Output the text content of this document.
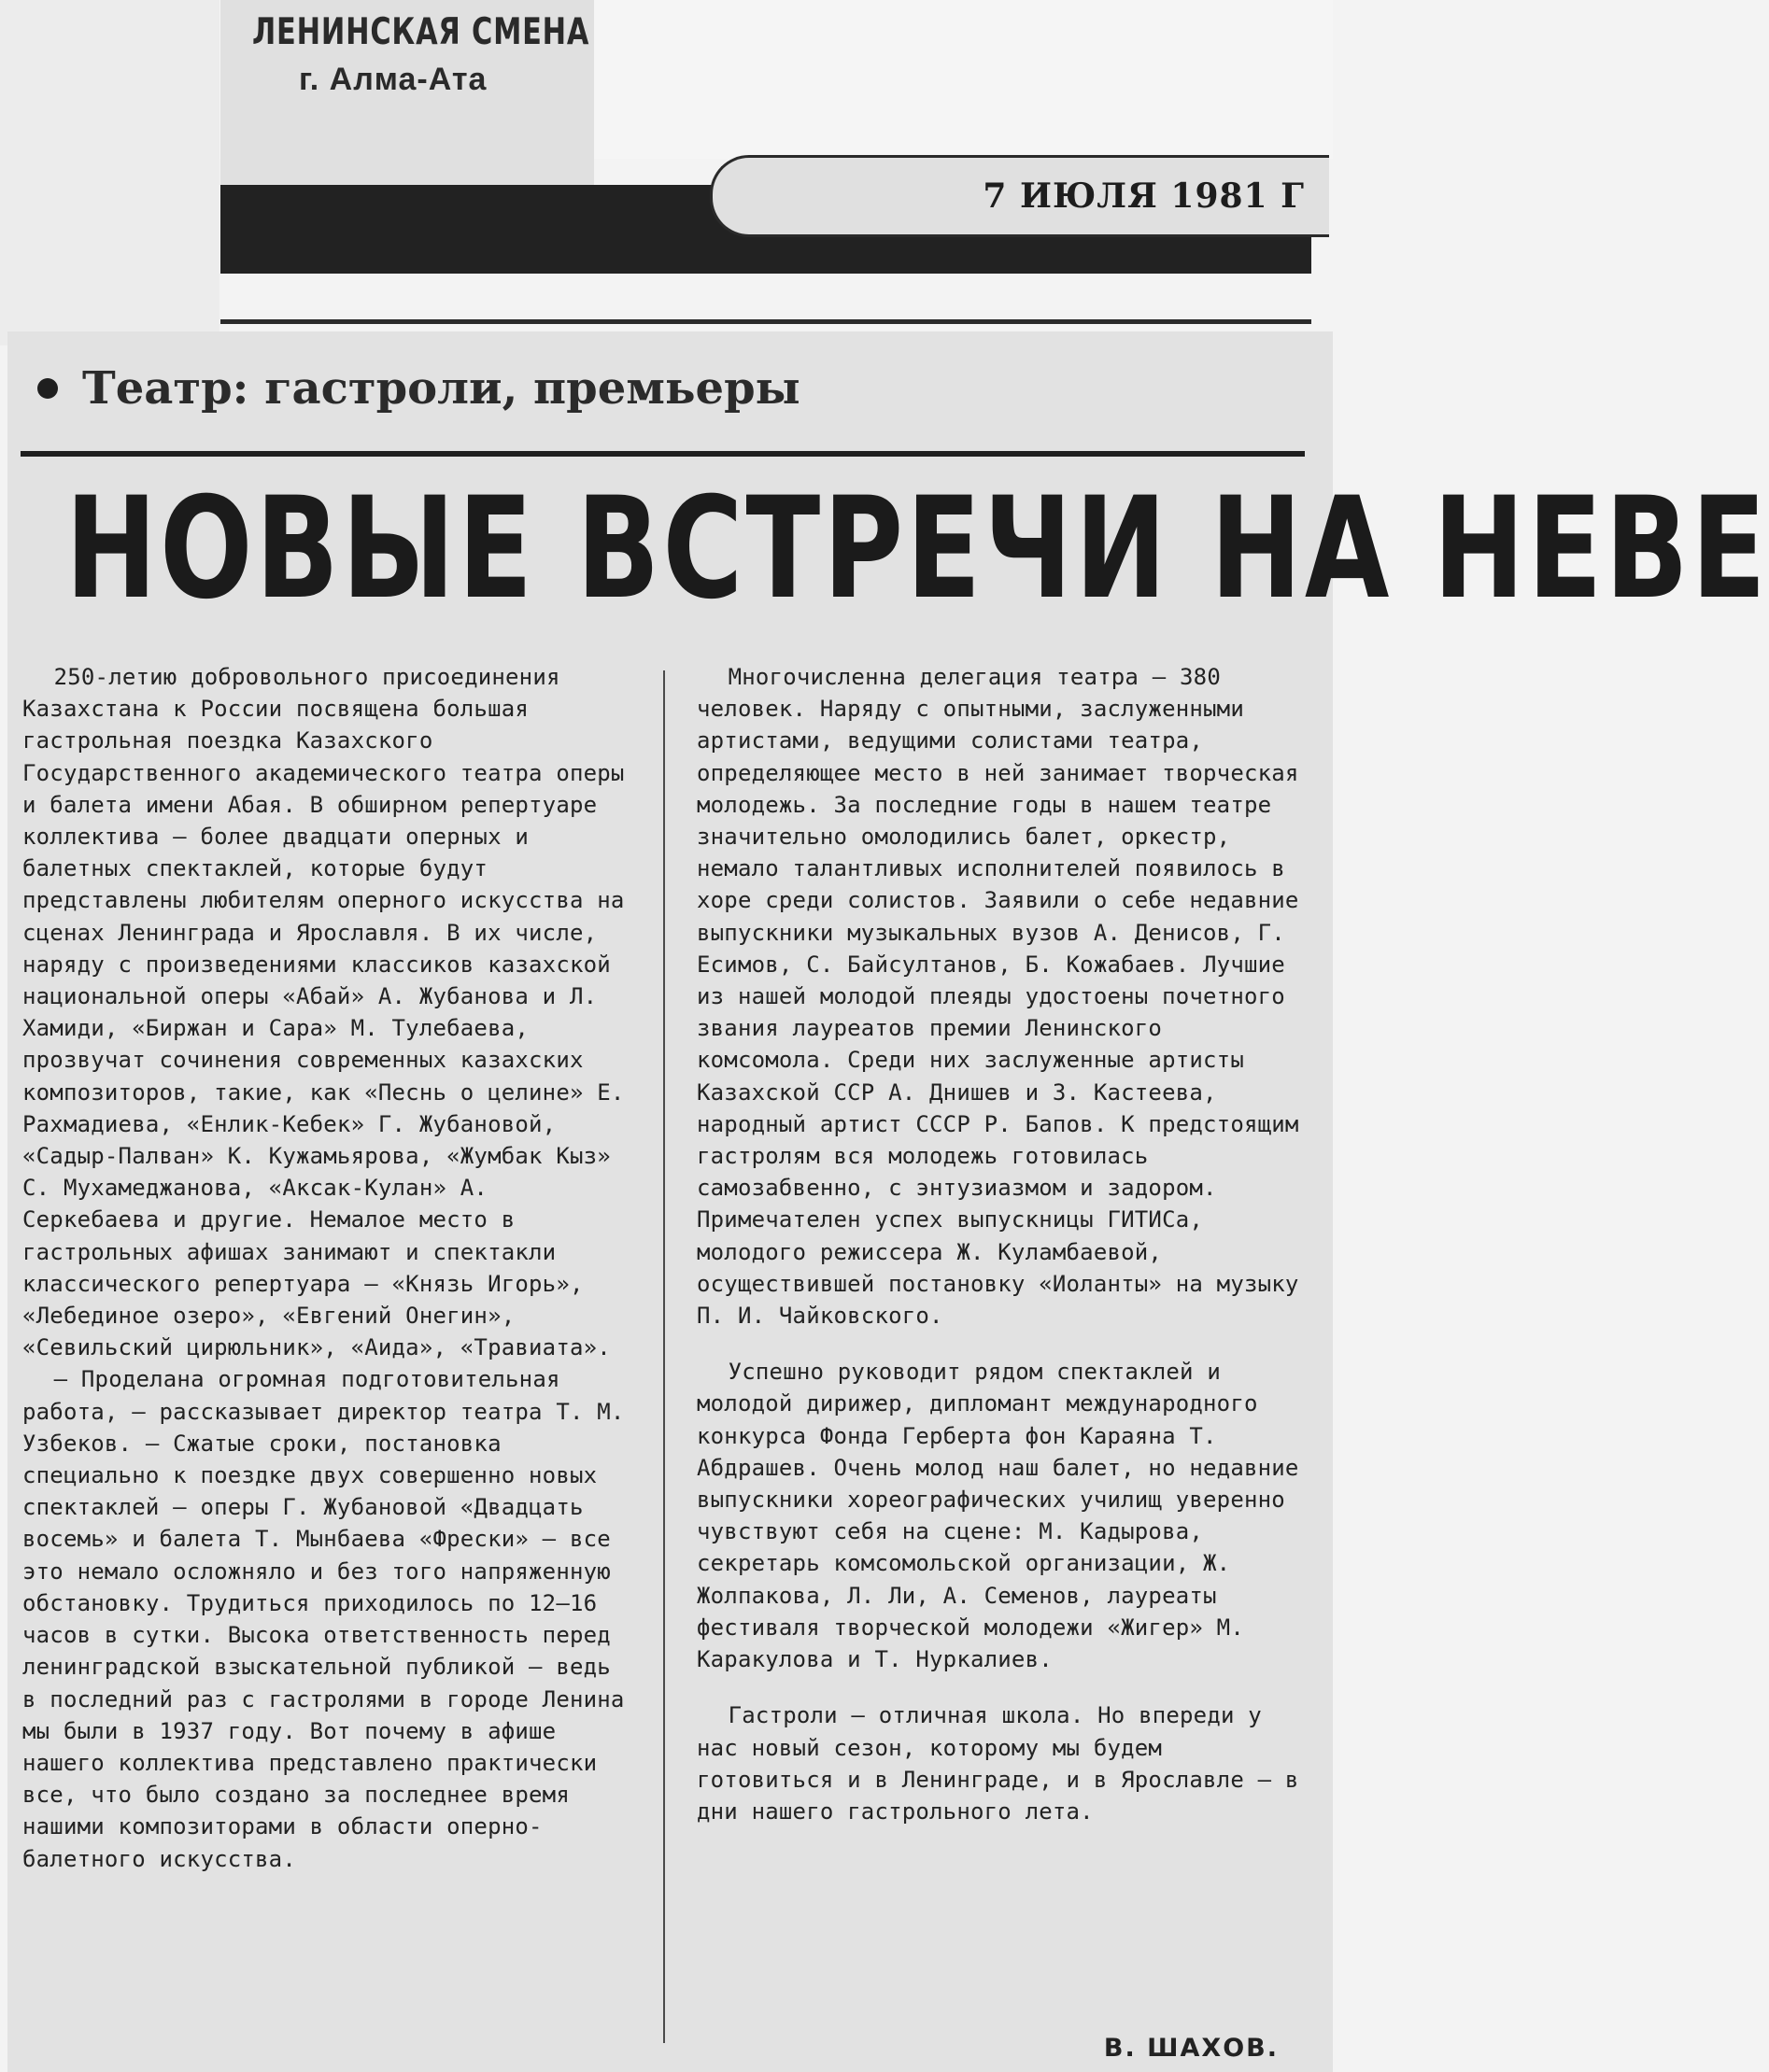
ЛЕНИНСКАЯ СМЕНА
г. Алма-Ата
7 ИЮЛЯ 1981 Г
Театр: гастроли, премьеры
НОВЫЕ ВСТРЕЧИ НА НЕВЕ

250-летию добровольного присоединения Казахстана к России посвящена большая гастрольная поездка Казахского Государственного академического театра оперы и балета имени Абая. В обширном репертуаре коллектива — более двадцати оперных и балетных спектаклей, которые будут представлены любителям оперного искусства на сценах Ленинграда и Ярославля. В их числе, наряду с произведениями классиков казахской национальной оперы «Абай» А. Жубанова и Л. Хамиди, «Биржан и Сара» М. Тулебаева, прозвучат сочинения современных казахских композиторов, такие, как «Песнь о целине» Е. Рахмадиева, «Енлик-Кебек» Г. Жубановой, «Садыр-Палван» К. Кужамьярова, «Жумбак Кыз» С. Мухамеджанова, «Аксак-Кулан» А. Серкебаева и другие. Немалое место в гастрольных афишах занимают и спектакли классического репертуара — «Князь Игорь», «Лебединое озеро», «Евгений Онегин», «Севильский цирюльник», «Аида», «Травиата».

— Проделана огромная подготовительная работа, — рассказывает директор театра Т. М. Узбеков. — Сжатые сроки, постановка специально к поездке двух совершенно новых спектаклей — оперы Г. Жубановой «Двадцать восемь» и балета Т. Мынбаева «Фрески» — все это немало осложняло и без того напряженную обстановку. Трудиться приходилось по 12—16 часов в сутки. Высока ответственность перед ленинградской взыскательной публикой — ведь в последний раз с гастролями в городе Ленина мы были в 1937 году. Вот почему в афише нашего коллектива представлено практически все, что было создано за последнее время нашими композиторами в области оперно-балетного искусства.

Многочисленна делегация театра — 380 человек. Наряду с опытными, заслуженными артистами, ведущими солистами театра, определяющее место в ней занимает творческая молодежь. За последние годы в нашем театре значительно омолодились балет, оркестр, немало талантливых исполнителей появилось в хоре среди солистов. Заявили о себе недавние выпускники музыкальных вузов А. Денисов, Г. Есимов, С. Байсултанов, Б. Кожабаев. Лучшие из нашей молодой плеяды удостоены почетного звания лауреатов премии Ленинского комсомола. Среди них заслуженные артисты Казахской ССР А. Днишев и З. Кастеева, народный артист СССР Р. Бапов. К предстоящим гастролям вся молодежь готовилась самозабвенно, с энтузиазмом и задором. Примечателен успех выпускницы ГИТИСа, молодого режиссера Ж. Куламбаевой, осуществившей постановку «Иоланты» на музыку П. И. Чайковского.

Успешно руководит рядом спектаклей и молодой дирижер, дипломант международного конкурса Фонда Герберта фон Караяна Т. Абдрашев. Очень молод наш балет, но недавние выпускники хореографических училищ уверенно чувствуют себя на сцене: М. Кадырова, секретарь комсомольской организации, Ж. Жолпакова, Л. Ли, А. Семенов, лауреаты фестиваля творческой молодежи «Жигер» М. Каракулова и Т. Нуркалиев.

Гастроли — отличная школа. Но впереди у нас новый сезон, которому мы будем готовиться и в Ленинграде, и в Ярославле — в дни нашего гастрольного лета.

В. ШАХОВ.
